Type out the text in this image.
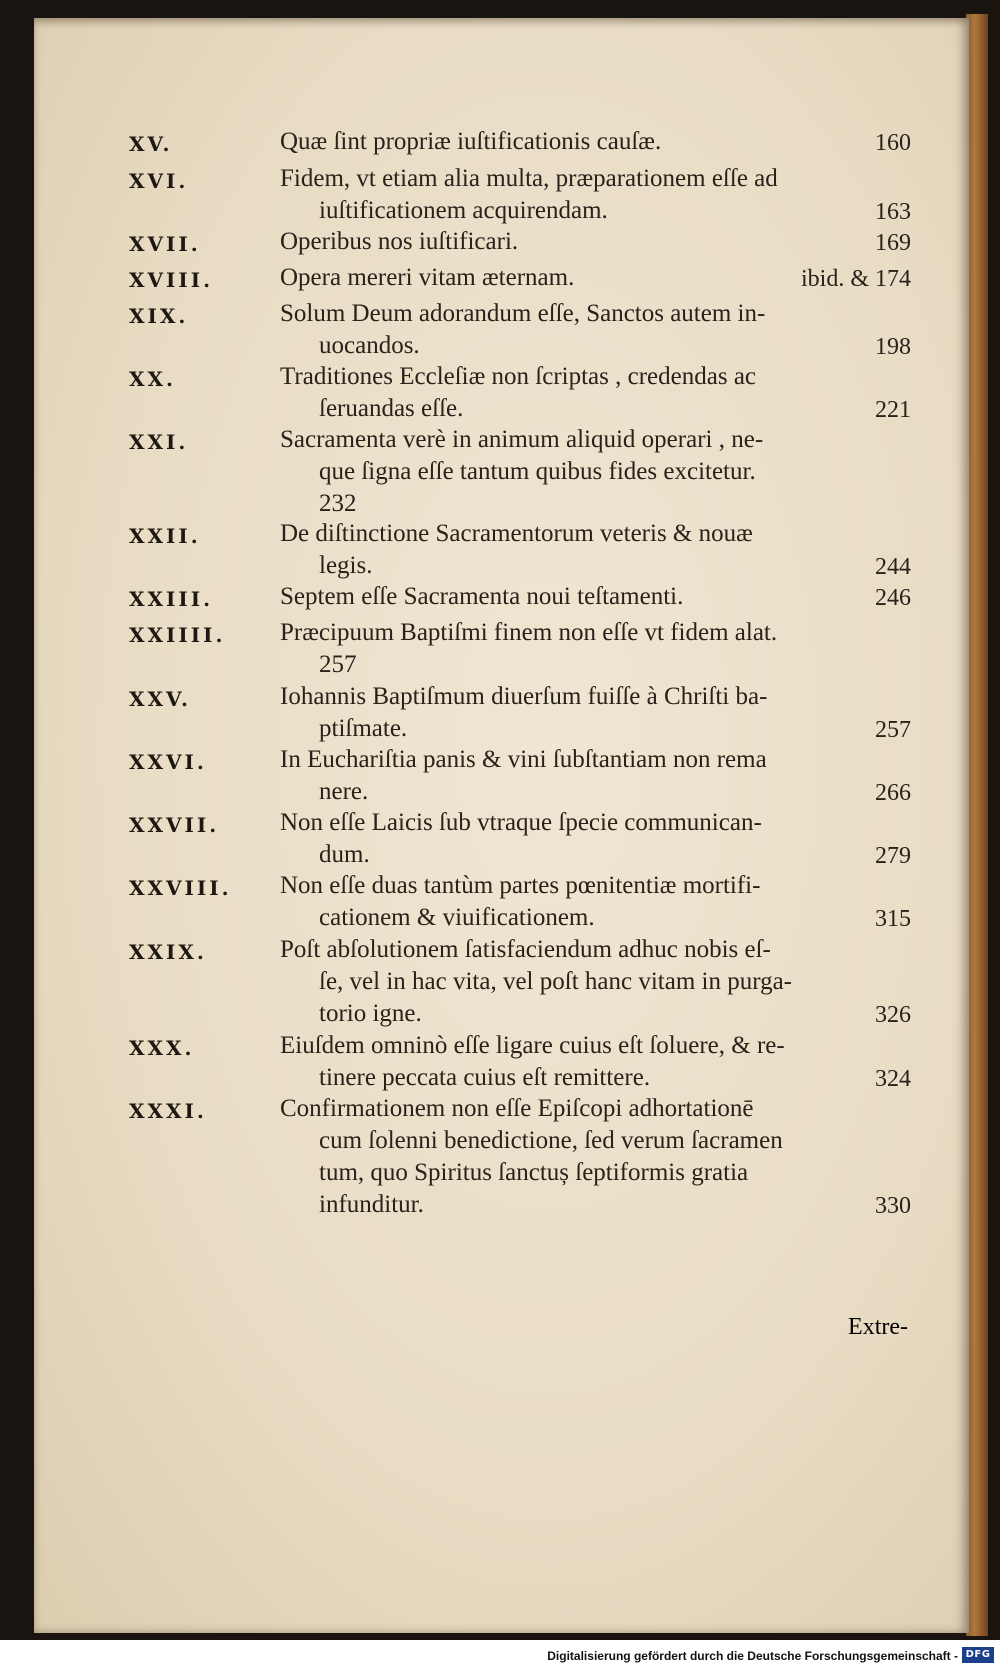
XV.	Quæ ſint propriæ iuſtificationis cauſæ.	160
XVI.	Fidem, vt etiam alia multa, præparationem eſſe ad
iuſtificationem acquirendam.	163
XVII.	Operibus nos iuſtificari.	169
XVIII.	Opera mereri vitam æternam.	ibid. & 174
XIX.	Solum Deum adorandum eſſe, Sanctos autem in-
uocandos.	198
XX.	Traditiones Eccleſiæ non ſcriptas , credendas ac
ſeruandas eſſe.	221
XXI.	Sacramenta verè in animum aliquid operari , ne-
que ſigna eſſe tantum quibus fides excitetur.
232
XXII.	De diſtinctione Sacramentorum veteris & nouæ
legis.	244
XXIII.	Septem eſſe Sacramenta noui teſtamenti.	246
XXIIII. Præcipuum Baptiſmi finem non eſſe vt fidem alat.
257
XXV.	Iohannis Baptiſmum diuerſum fuiſſe à Chriſti ba-
ptiſmate.	257
XXVI.	In Euchariſtia panis & vini ſubſtantiam non rema
nere.	266
XXVII. Non eſſe Laicis ſub vtraque ſpecie communican-
dum.	279
XXVIII. Non eſſe duas tantùm partes pœnitentiæ mortifi-
cationem & viuificationem.	315
XXIX.	Poſt abſolutionem ſatisfaciendum adhuc nobis eſ-
ſe, vel in hac vita, vel poſt hanc vitam in purga-
torio igne.	326
XXX.	Eiuſdem omninò eſſe ligare cuius eſt ſoluere, & re-
tinere peccata cuius eſt remittere.	324
XXXI.	Confirmationem non eſſe Epiſcopi adhortationē
cum ſolenni benedictione, ſed verum ſacramen
tum, quo Spiritus ſanctuș ſeptiformis gratia
infunditur.	330
Extre-
Digitalisierung gefördert durch die Deutsche Forschungsgemeinschaft - DFG
